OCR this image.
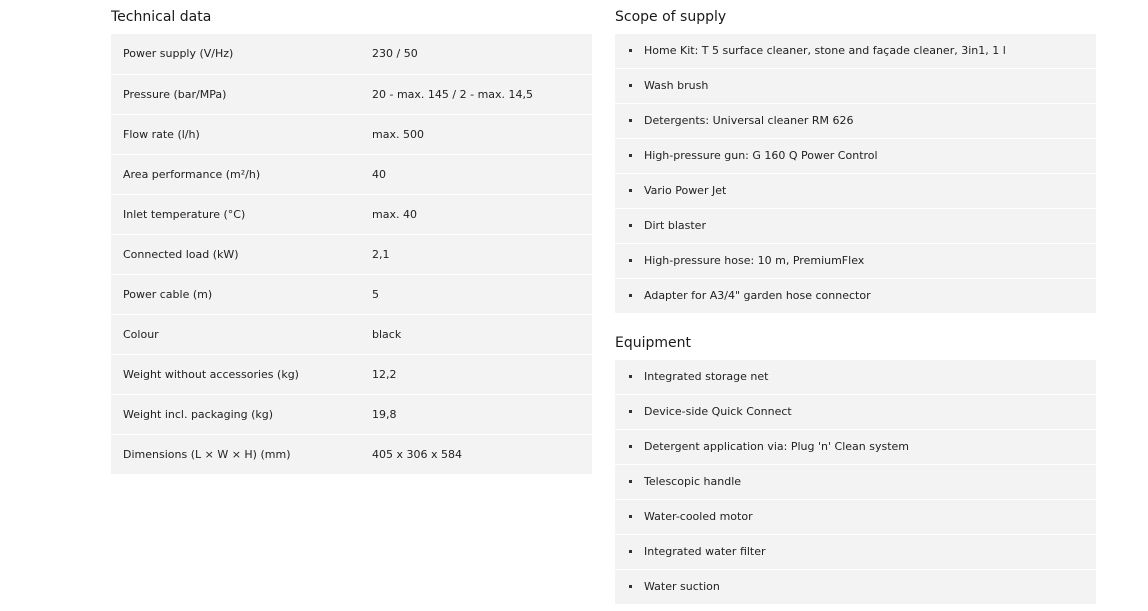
Technical data
Power supply (V/Hz)	230 / 50
Pressure (bar/MPa)	20 - max. 145 / 2 - max. 14,5
Flow rate (l/h)	max. 500
Area performance (m²/h)	40
Inlet temperature (°C)	max. 40
Connected load (kW)	2,1
Power cable (m)	5
Colour	black
Weight without accessories (kg)	12,2
Weight incl. packaging (kg)	19,8
Dimensions (L × W × H) (mm)	405 x 306 x 584
Scope of supply
Home Kit: T 5 surface cleaner, stone and façade cleaner, 3in1, 1 l
Wash brush
Detergents: Universal cleaner RM 626
High-pressure gun: G 160 Q Power Control
Vario Power Jet
Dirt blaster
High-pressure hose: 10 m, PremiumFlex
Adapter for A3/4" garden hose connector
Equipment
Integrated storage net
Device-side Quick Connect
Detergent application via: Plug 'n' Clean system
Telescopic handle
Water-cooled motor
Integrated water filter
Water suction
